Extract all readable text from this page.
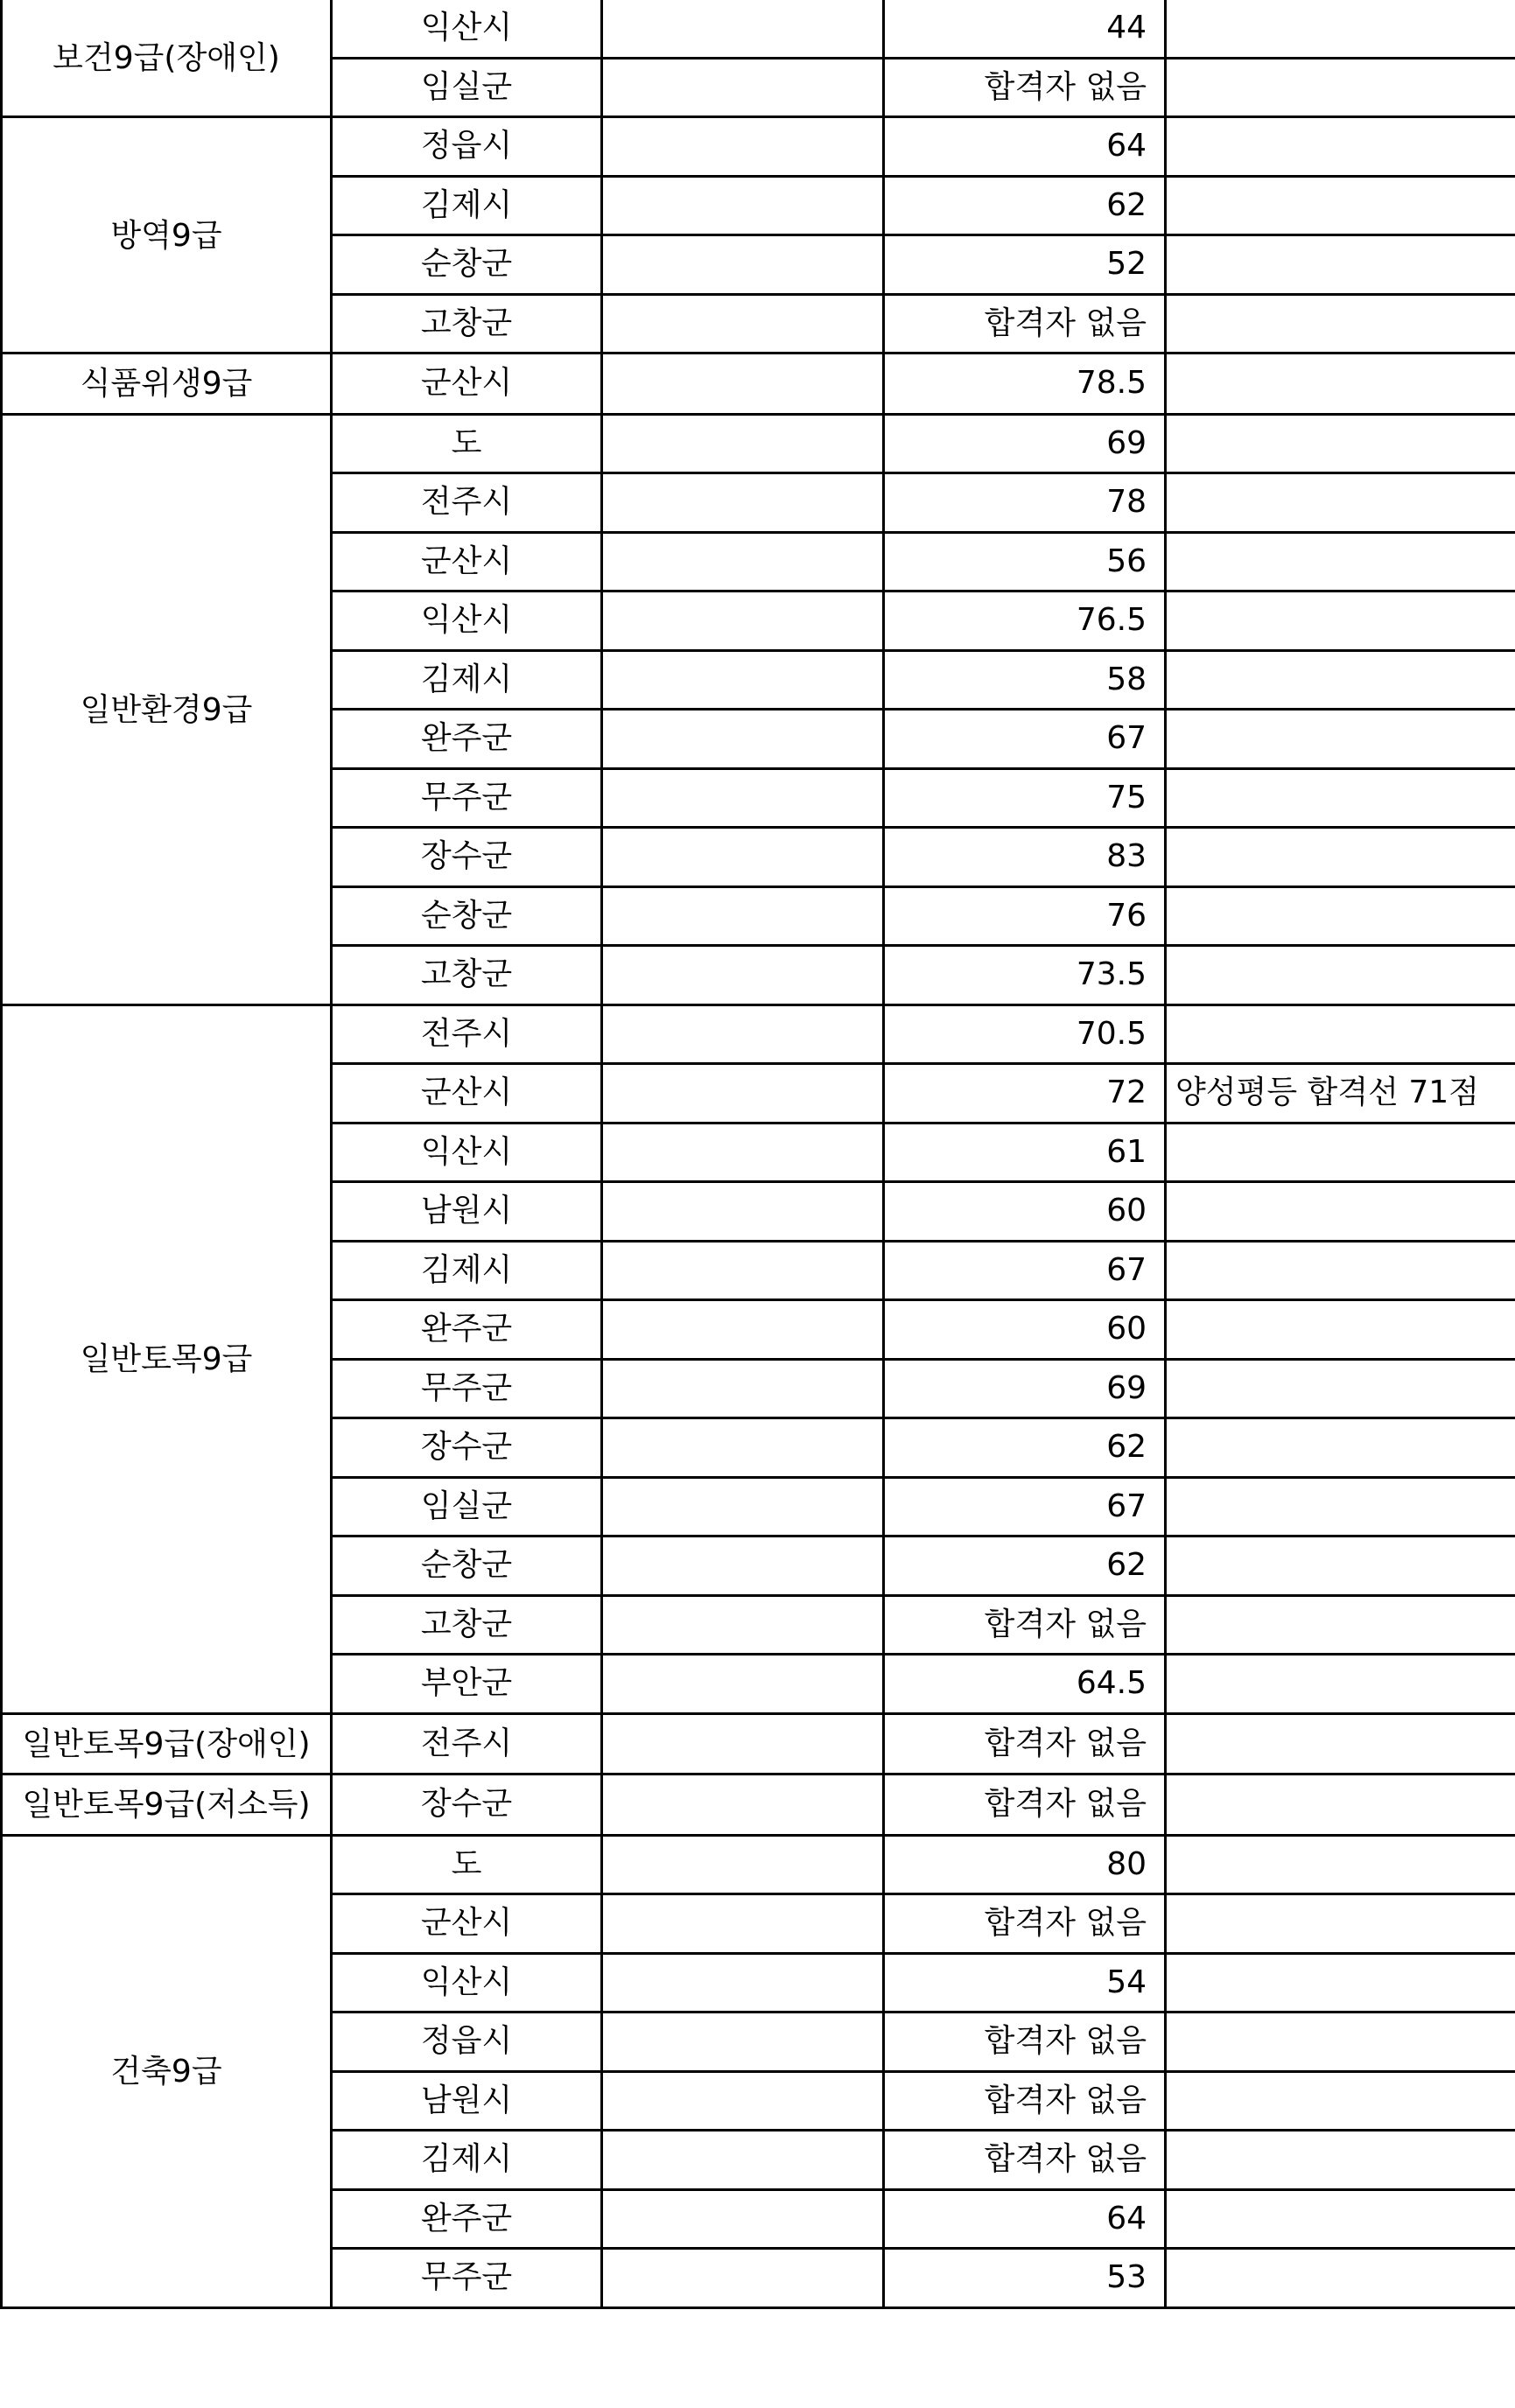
보건9급(장애인)	익산시		44	
	임실군		합격자 없음	
방역9급	정읍시		64	
	김제시		62	
	순창군		52	
	고창군		합격자 없음	
식품위생9급	군산시		78.5	
일반환경9급	도		69	
	전주시		78	
	군산시		56	
	익산시		76.5	
	김제시		58	
	완주군		67	
	무주군		75	
	장수군		83	
	순창군		76	
	고창군		73.5	
일반토목9급	전주시		70.5	
	군산시		72	양성평등 합격선 71점
	익산시		61	
	남원시		60	
	김제시		67	
	완주군		60	
	무주군		69	
	장수군		62	
	임실군		67	
	순창군		62	
	고창군		합격자 없음	
	부안군		64.5	
일반토목9급(장애인)	전주시		합격자 없음	
일반토목9급(저소득)	장수군		합격자 없음	
건축9급	도		80	
	군산시		합격자 없음	
	익산시		54	
	정읍시		합격자 없음	
	남원시		합격자 없음	
	김제시		합격자 없음	
	완주군		64	
	무주군		53	
